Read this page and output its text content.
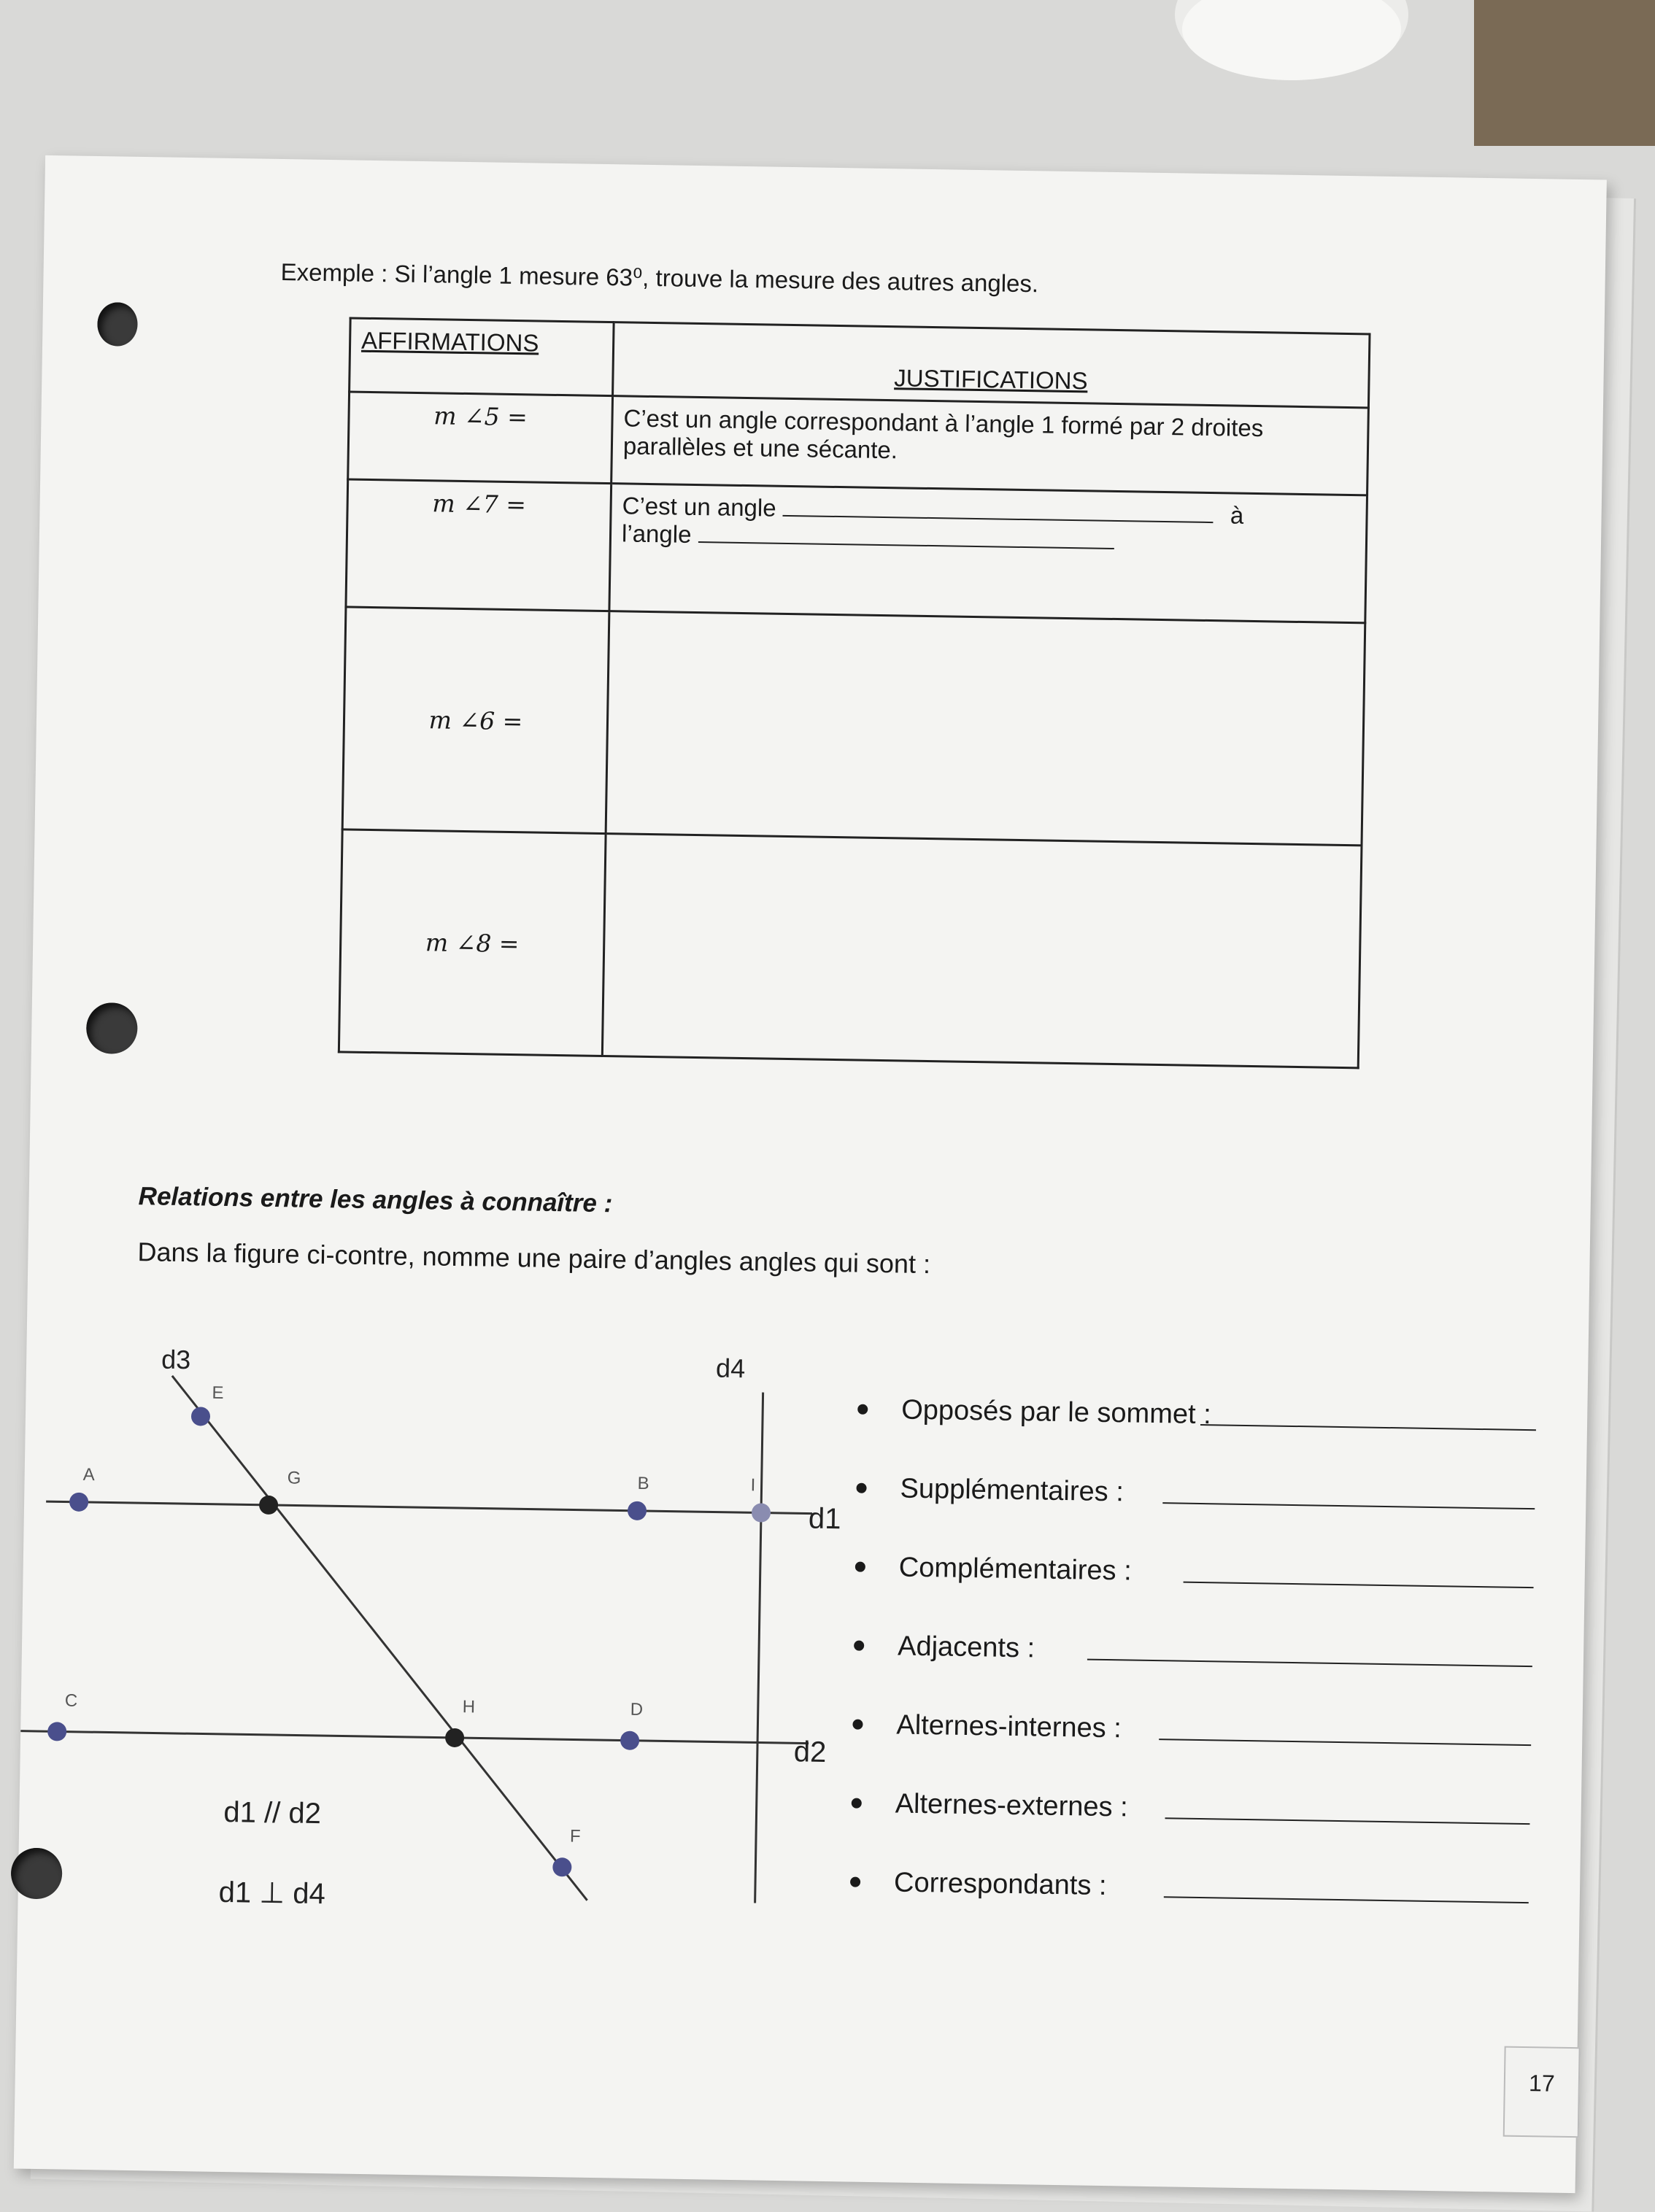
Exemple : Si l’angle 1 mesure 63⁰, trouve la mesure des autres angles.
AFFIRMATIONS	JUSTIFICATIONS
m ∠5 =	C’est un angle correspondant à l’angle 1 formé par 2 droites parallèles et une sécante.
m ∠7 =	C’est un angle à
l’angle
m ∠6 =	
m ∠8 =	
Relations entre les angles à connaître :
Dans la figure ci-contre, nomme une paire d’angles angles qui sont :
d3	d4
d1
d2
E
A	G	B	I
C	H	D
F
d1 // d2
d1 ⊥ d4
Opposés par le sommet :
Supplémentaires :
Complémentaires :
Adjacents :
Alternes-internes :
Alternes-externes :
Correspondants :
17
